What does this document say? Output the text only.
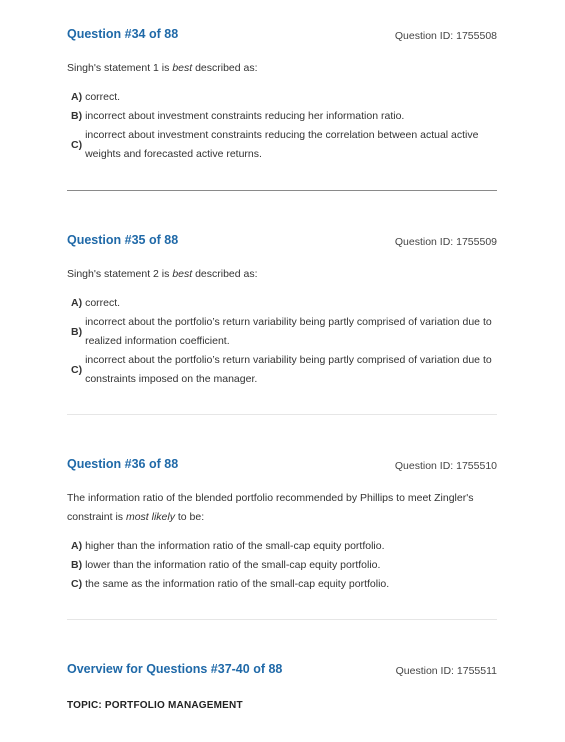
Question #34 of 88	Question ID: 1755508
Singh's statement 1 is best described as:
A) correct.
B) incorrect about investment constraints reducing her information ratio.
C)
incorrect about investment constraints reducing the correlation between actual active weights and forecasted active returns.
Question #35 of 88	Question ID: 1755509
Singh's statement 2 is best described as:
A) correct.
B)
incorrect about the portfolio’s return variability being partly comprised of variation due to realized information coefficient.
C)
incorrect about the portfolio’s return variability being partly comprised of variation due to constraints imposed on the manager.
Question #36 of 88	Question ID: 1755510
The information ratio of the blended portfolio recommended by Phillips to meet Zingler's constraint is most likely to be:
A) higher than the information ratio of the small-cap equity portfolio.
B) lower than the information ratio of the small-cap equity portfolio.
C) the same as the information ratio of the small-cap equity portfolio.
Overview for Questions #37-40 of 88	Question ID: 1755511
TOPIC: PORTFOLIO MANAGEMENT
